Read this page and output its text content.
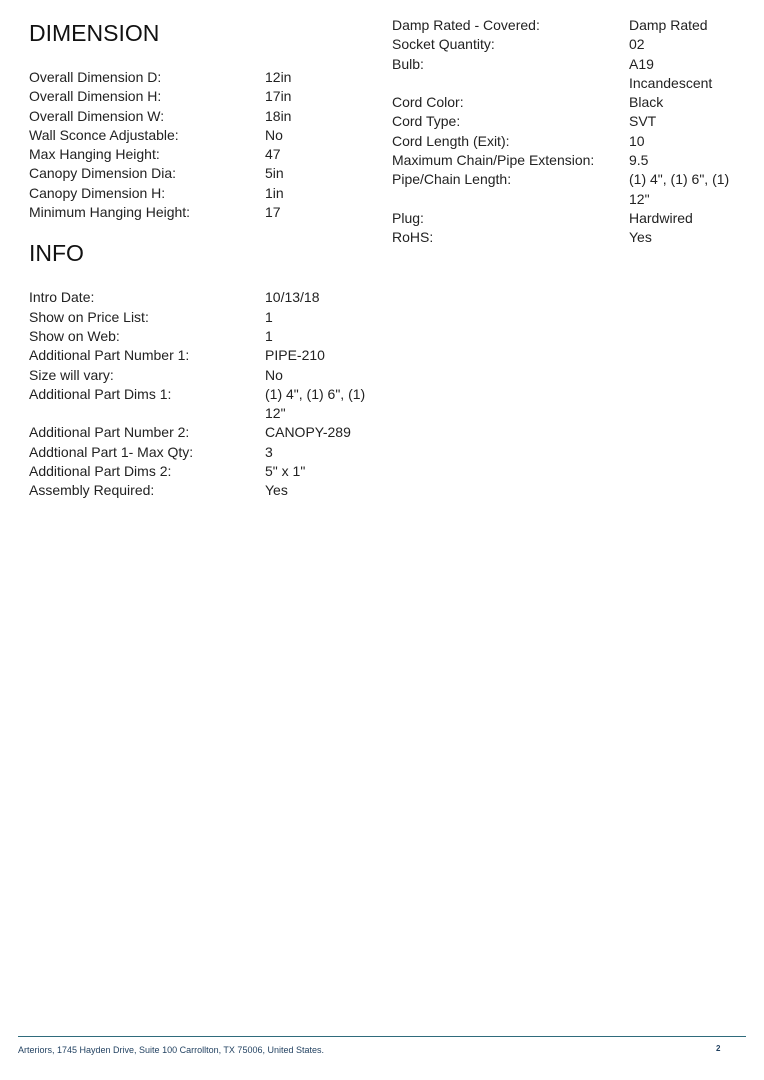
DIMENSION
Overall Dimension D:	12in
Overall Dimension H:	17in
Overall Dimension W:	18in
Wall Sconce Adjustable:	No
Max Hanging Height:	47
Canopy Dimension Dia:	5in
Canopy Dimension H:	1in
Minimum Hanging Height:	17
INFO
Intro Date:	10/13/18
Show on Price List:	1
Show on Web:	1
Additional Part Number 1:	PIPE-210
Size will vary:	No
Additional Part Dims 1:	(1) 4", (1) 6", (1) 12"
Additional Part Number 2:	CANOPY-289
Addtional Part 1- Max Qty:	3
Additional Part Dims 2:	5" x 1"
Assembly Required:	Yes
Damp Rated - Covered:	Damp Rated
Socket Quantity:	02
Bulb:	A19 Incandescent
Cord Color:	Black
Cord Type:	SVT
Cord Length (Exit):	10
Maximum Chain/Pipe Extension:	9.5
Pipe/Chain Length:	(1) 4", (1) 6", (1) 12"
Plug:	Hardwired
RoHS:	Yes
Arteriors, 1745 Hayden Drive, Suite 100 Carrollton, TX 75006, United States.	2
